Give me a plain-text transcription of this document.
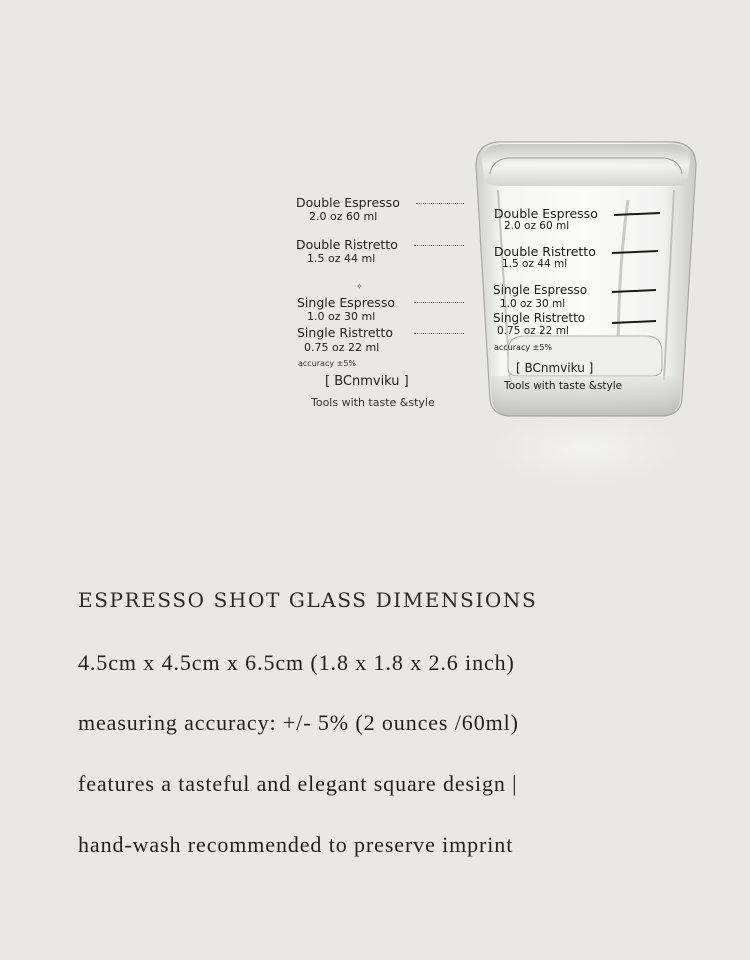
Double Espresso
2.0 oz 60 ml
Double Ristretto
1.5 oz 44 ml
✧
Single Espresso
1.0 oz 30 ml
Single Ristretto
0.75 oz 22 ml
accuracy ±5%
[ BCnmviku ]
Tools with taste &style
Double Espresso
2.0 oz 60 ml
Double Ristretto
1.5 oz 44 ml
Single Espresso
1.0 oz 30 ml
Single Ristretto
0.75 oz 22 ml
accuracy ±5%
[ BCnmviku ]
Tools with taste &style
ESPRESSO SHOT GLASS DIMENSIONS
4.5cm x 4.5cm x 6.5cm (1.8 x 1.8 x 2.6 inch)
measuring accuracy: +/- 5% (2 ounces /60ml)
features a tasteful and elegant square design |
hand-wash recommended to preserve imprint
